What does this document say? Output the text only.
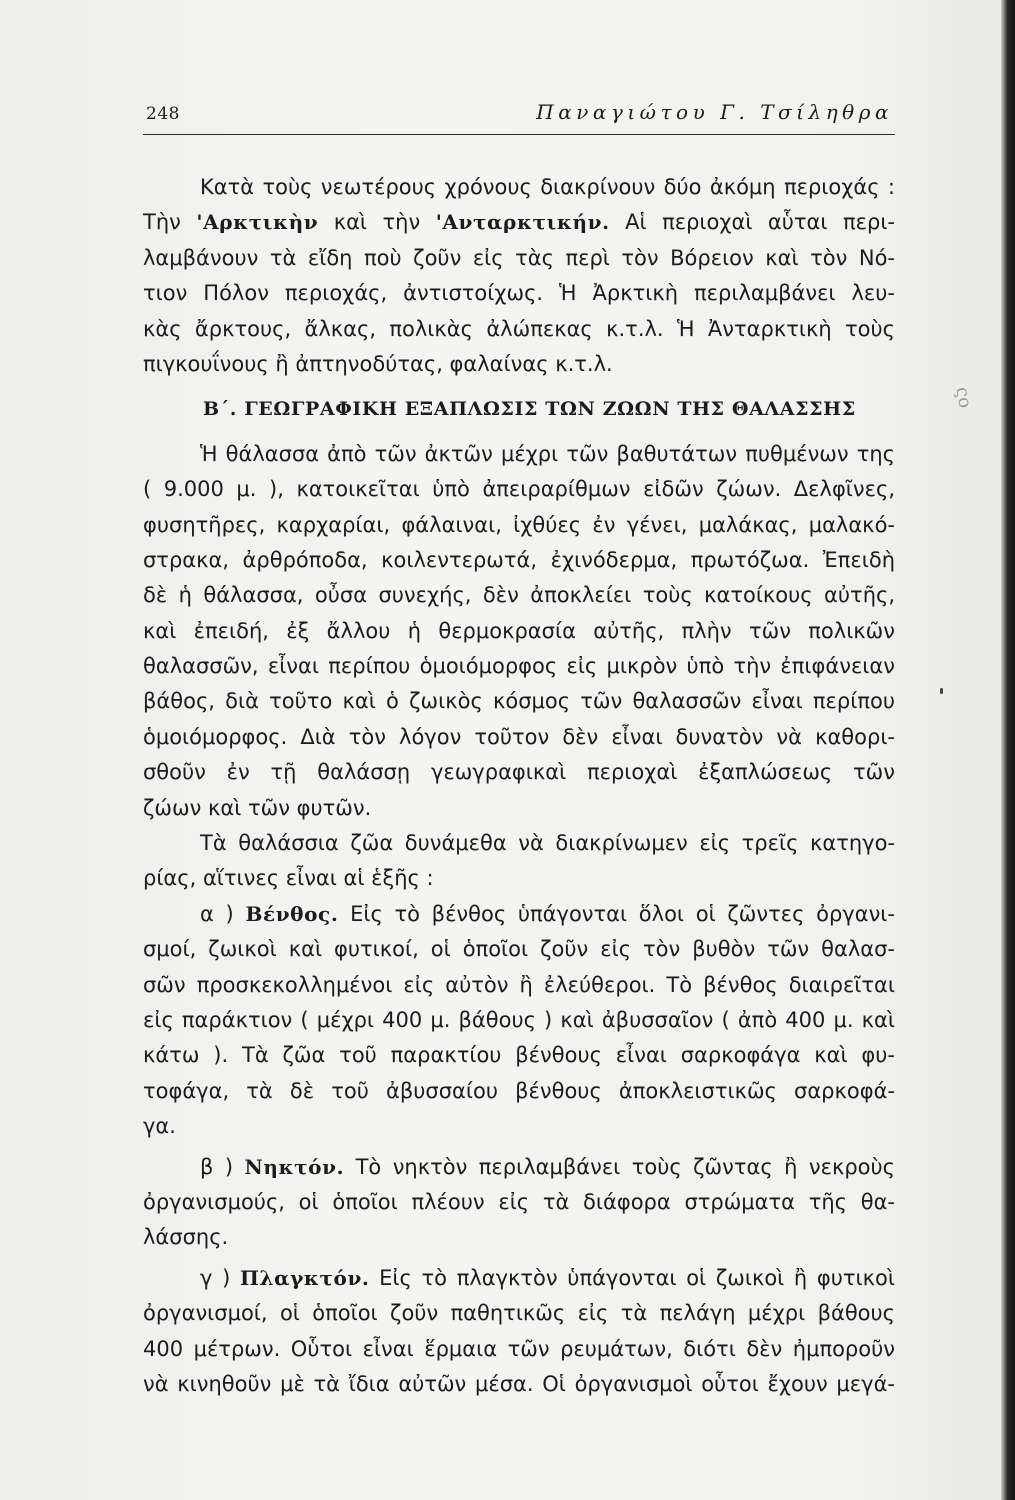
248	Παναγιώτου Γ. Τσίληθρα
ςο
Κατὰ τοὺς νεωτέρους χρόνους διακρίνουν δύο ἀκόμη περιοχάς :
Τὴν 'Αρκτικὴν καὶ τὴν 'Ανταρκτικήν. Αἱ περιοχαὶ αὗται περι-
λαμβάνουν τὰ εἴδη ποὺ ζοῦν εἰς τὰς περὶ τὸν Βόρειον καὶ τὸν Νό-
τιον Πόλον περιοχάς, ἀντιστοίχως. Ἡ Ἀρκτικὴ περιλαμβάνει λευ-
κὰς ἄρκτους, ἄλκας, πολικὰς ἀλώπεκας κ.τ.λ. Ἡ Ἀνταρκτικὴ τοὺς
πιγκουΐνους ἢ ἀπτηνοδύτας, φαλαίνας κ.τ.λ.
Β΄. ΓΕΩΓΡΑΦΙΚΗ ΕΞΑΠΛΩΣΙΣ ΤΩΝ ΖΩΩΝ ΤΗΣ ΘΑΛΑΣΣΗΣ
Ἡ θάλασσα ἀπὸ τῶν ἀκτῶν μέχρι τῶν βαθυτάτων πυθμένων της
( 9.000 μ. ), κατοικεῖται ὑπὸ ἀπειραρίθμων εἰδῶν ζώων. Δελφῖνες,
φυσητῆρες, καρχαρίαι, φάλαιναι, ἰχθύες ἐν γένει, μαλάκας, μαλακό-
στρακα, ἀρθρόποδα, κοιλεντερωτά, ἐχινόδερμα, πρωτόζωα. Ἐπειδὴ
δὲ ἡ θάλασσα, οὖσα συνεχής, δὲν ἀποκλείει τοὺς κατοίκους αὐτῆς,
καὶ ἐπειδή, ἐξ ἄλλου ἡ θερμοκρασία αὐτῆς, πλὴν τῶν πολικῶν
θαλασσῶν, εἶναι περίπου ὁμοιόμορφος εἰς μικρὸν ὑπὸ τὴν ἐπιφάνειαν
βάθος, διὰ τοῦτο καὶ ὁ ζωικὸς κόσμος τῶν θαλασσῶν εἶναι περίπου
ὁμοιόμορφος. Διὰ τὸν λόγον τοῦτον δὲν εἶναι δυνατὸν νὰ καθορι-
σθοῦν ἐν τῇ θαλάσσῃ γεωγραφικαὶ περιοχαὶ ἐξαπλώσεως τῶν
ζώων καὶ τῶν φυτῶν.
Τὰ θαλάσσια ζῶα δυνάμεθα νὰ διακρίνωμεν εἰς τρεῖς κατηγο-
ρίας, αἵτινες εἶναι αἱ ἑξῆς :
α ) Βένθος. Εἰς τὸ βένθος ὑπάγονται ὅλοι οἱ ζῶντες ὀργανι-
σμοί, ζωικοὶ καὶ φυτικοί, οἱ ὁποῖοι ζοῦν εἰς τὸν βυθὸν τῶν θαλασ-
σῶν προσκεκολλημένοι εἰς αὐτὸν ἢ ἐλεύθεροι. Τὸ βένθος διαιρεῖται
εἰς παράκτιον ( μέχρι 400 μ. βάθους ) καὶ ἀβυσσαῖον ( ἀπὸ 400 μ. καὶ
κάτω ). Τὰ ζῶα τοῦ παρακτίου βένθους εἶναι σαρκοφάγα καὶ φυ-
τοφάγα, τὰ δὲ τοῦ ἀβυσσαίου βένθους ἀποκλειστικῶς σαρκοφά-
γα.
β ) Νηκτόν. Τὸ νηκτὸν περιλαμβάνει τοὺς ζῶντας ἢ νεκροὺς
ὀργανισμούς, οἱ ὁποῖοι πλέουν εἰς τὰ διάφορα στρώματα τῆς θα-
λάσσης.
γ ) Πλαγκτόν. Εἰς τὸ πλαγκτὸν ὑπάγονται οἱ ζωικοὶ ἢ φυτικοὶ
ὀργανισμοί, οἱ ὁποῖοι ζοῦν παθητικῶς εἰς τὰ πελάγη μέχρι βάθους
400 μέτρων. Οὗτοι εἶναι ἕρμαια τῶν ρευμάτων, διότι δὲν ἠμποροῦν
νὰ κινηθοῦν μὲ τὰ ἴδια αὐτῶν μέσα. Οἱ ὀργανισμοὶ οὗτοι ἔχουν μεγά-
